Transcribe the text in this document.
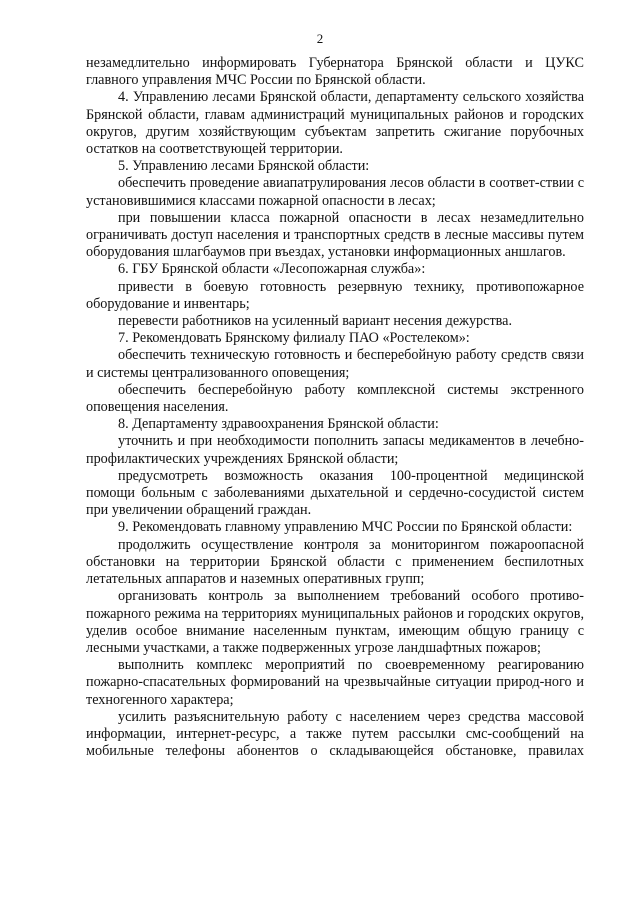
2

незамедлительно информировать Губернатора Брянской области и ЦУКС главного управления МЧС России по Брянской области.

4. Управлению лесами Брянской области, департаменту сельского хозяйства Брянской области, главам администраций муниципальных районов и городских округов, другим хозяйствующим субъектам запретить сжигание порубочных остатков на соответствующей территории.

5. Управлению лесами Брянской области:

обеспечить проведение авиапатрулирования лесов области в соответ-ствии с установившимися классами пожарной опасности в лесах;

при повышении класса пожарной опасности в лесах незамедлительно ограничивать доступ населения и транспортных средств в лесные массивы путем оборудования шлагбаумов при въездах, установки информационных аншлагов.

6. ГБУ Брянской области «Лесопожарная служба»:

привести в боевую готовность резервную технику, противопожарное оборудование и инвентарь;

перевести работников на усиленный вариант несения дежурства.

7. Рекомендовать Брянскому филиалу ПАО «Ростелеком»:

обеспечить техническую готовность и бесперебойную работу средств связи и системы централизованного оповещения;

обеспечить бесперебойную работу комплексной системы экстренного оповещения населения.

8. Департаменту здравоохранения Брянской области:

уточнить и при необходимости пополнить запасы медикаментов в лечебно-профилактических учреждениях Брянской области;

предусмотреть возможность оказания 100-процентной медицинской помощи больным с заболеваниями дыхательной и сердечно-сосудистой систем при увеличении обращений граждан.

9. Рекомендовать главному управлению МЧС России по Брянской области:

продолжить осуществление контроля за мониторингом пожароопасной обстановки на территории Брянской области с применением беспилотных летательных аппаратов и наземных оперативных групп;

организовать контроль за выполнением требований особого противо-пожарного режима на территориях муниципальных районов и городских округов, уделив особое внимание населенным пунктам, имеющим общую границу с лесными участками, а также подверженных угрозе ландшафтных пожаров;

выполнить комплекс мероприятий по своевременному реагированию пожарно-спасательных формирований на чрезвычайные ситуации природ-ного и техногенного характера;

усилить разъяснительную работу с населением через средства массовой информации, интернет-ресурс, а также путем рассылки смс-сообщений на мобильные телефоны абонентов о складывающейся обстановке, правилах
